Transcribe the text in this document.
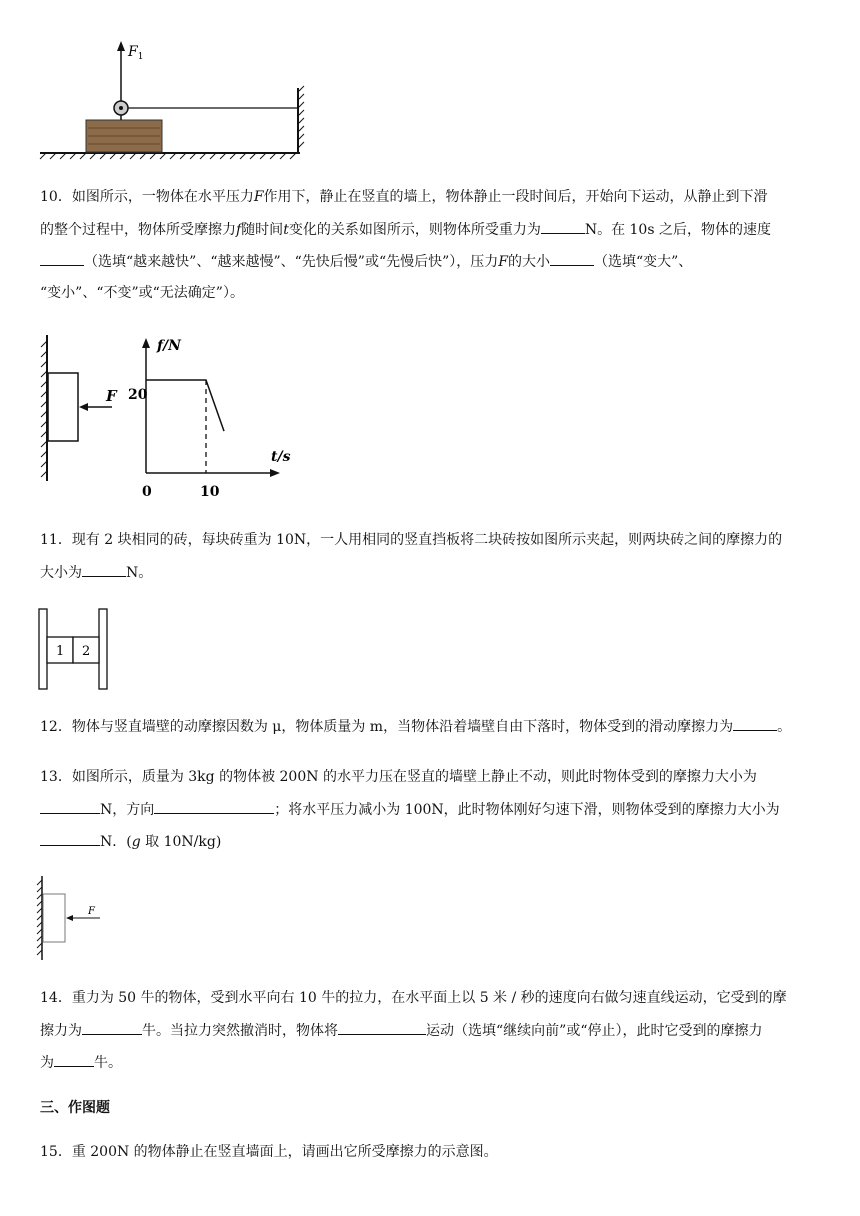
$F_1$
10．如图所示，一物体在水平压力F作用下，静止在竖直的墙上，物体静止一段时间后，开始向下运动，从静止到下滑
的整个过程中，物体所受摩擦力f随时间t变化的关系如图所示，则物体所受重力为	N。在 10s 之后，物体的速度
（选填“越来越快”、“越来越慢”、“先快后慢”或“先慢后快”），压力F的大小	（选填“变大”、
“变小”、“不变”或“无法确定”）。
F
f/N
t/s
20
10
0
11．现有 2 块相同的砖，每块砖重为 10N，一人用相同的竖直挡板将二块砖按如图所示夹起，则两块砖之间的摩擦力的
大小为	N。
1 2
12．物体与竖直墙壁的动摩擦因数为 μ，物体质量为 m，当物体沿着墙壁自由下落时，物体受到的滑动摩擦力为	。
13．如图所示，质量为 3kg 的物体被 200N 的水平力压在竖直的墙壁上静止不动，则此时物体受到的摩擦力大小为
N，方向	；将水平压力减小为 100N，此时物体刚好匀速下滑，则物体受到的摩擦力大小为
N．(g 取 10N/kg)
F
14．重力为 50 牛的物体，受到水平向右 10 牛的拉力，在水平面上以 5 米 / 秒的速度向右做匀速直线运动，它受到的摩
擦力为	牛。当拉力突然撤消时，物体将	运动（选填“继续向前”或“停止），此时它受到的摩擦力
为	牛。
三、作图题
15．重 200N 的物体静止在竖直墙面上，请画出它所受摩擦力的示意图。
